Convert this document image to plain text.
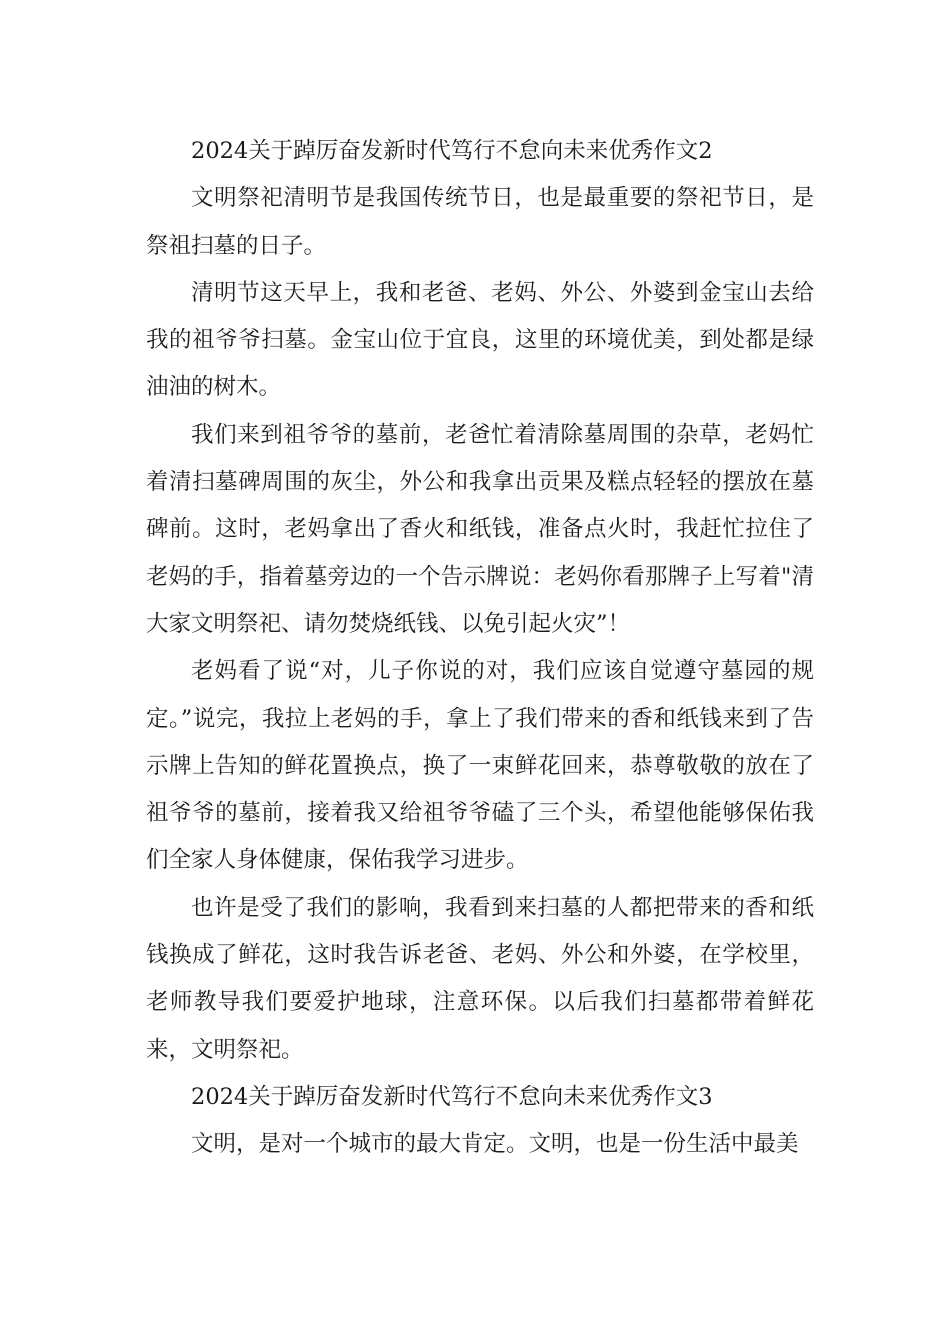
2024关于踔厉奋发新时代笃行不怠向未来优秀作文2

文明祭祀清明节是我国传统节日，也是最重要的祭祀节日，是祭祖扫墓的日子。

清明节这天早上，我和老爸、老妈、外公、外婆到金宝山去给我的祖爷爷扫墓。金宝山位于宜良，这里的环境优美，到处都是绿油油的树木。

我们来到祖爷爷的墓前，老爸忙着清除墓周围的杂草，老妈忙着清扫墓碑周围的灰尘，外公和我拿出贡果及糕点轻轻的摆放在墓碑前。这时，老妈拿出了香火和纸钱，准备点火时，我赶忙拉住了老妈的手，指着墓旁边的一个告示牌说：老妈你看那牌子上写着"清大家文明祭祀、请勿焚烧纸钱、以免引起火灾”！

老妈看了说“对，儿子你说的对，我们应该自觉遵守墓园的规定。”说完，我拉上老妈的手，拿上了我们带来的香和纸钱来到了告示牌上告知的鲜花置换点，换了一束鲜花回来，恭尊敬敬的放在了祖爷爷的墓前，接着我又给祖爷爷磕了三个头，希望他能够保佑我们全家人身体健康，保佑我学习进步。

也许是受了我们的影响，我看到来扫墓的人都把带来的香和纸钱换成了鲜花，这时我告诉老爸、老妈、外公和外婆，在学校里，老师教导我们要爱护地球，注意环保。以后我们扫墓都带着鲜花来，文明祭祀。

2024关于踔厉奋发新时代笃行不怠向未来优秀作文3

文明，是对一个城市的最大肯定。文明，也是一份生活中最美
